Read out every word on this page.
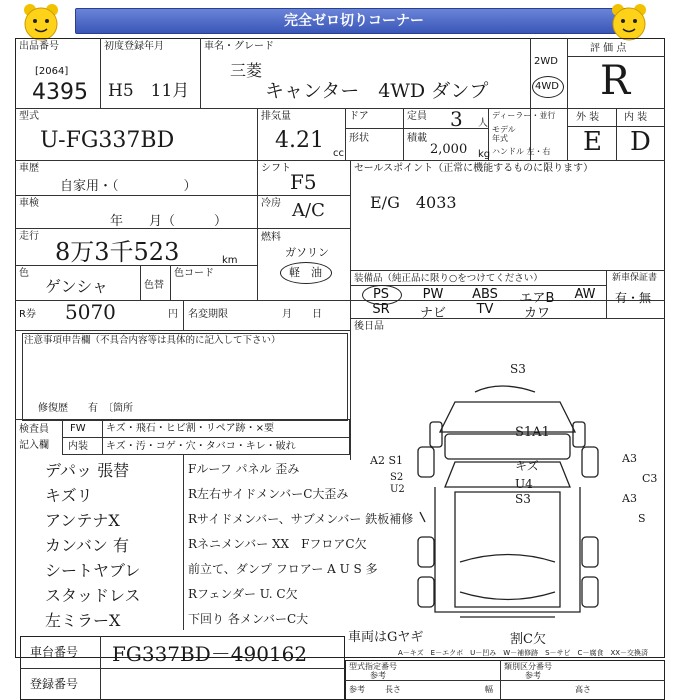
完全ゼロ切りコーナー
出品番号
[2064]
4395
初度登録年月
H5　11月
車名・グレード
三菱
キャンター　4WD ダンプ
2WD
4WD
評 価 点
R
外 装 内 装
E D
型式
U-FG337BD
排気量
4.21
cc
ドア	定員 3 人
形状	積載
2,000 kg
ディーラー・並行
モデル
年式
ハンドル 左・右
車歴
自家用・（　　　　　）
シフト
F5
車検
年　　月（　　　）
冷房 A/C
走行
8万3千523	km
燃料
ガソリン
軽　油
色
ゲンシャ	色替
色コード
セールスポイント（正常に機能するものに限ります）
E/G　4033
装備品（純正品に限り○をつけてください）	新車保証書
有・無
PS	PW	ABS	エアB	AW
SR	ナビ	TV	カワ
R券 5070	円 名変期限	月　　日
後日品
注意事項申告欄（不具合内容等は具体的に記入して下さい）
修復歴　　有　〔箇所
検査員
記入欄
FW キズ・飛石・ヒビ割・リペア跡・×要
内装 キズ・汚・コゲ・穴・タバコ・キレ・破れ
デパッ 張替
キズリ
アンテナX
カンバン 有
シートヤブレ
スタッドレス
左ミラーX
Fルーフ パネル 歪み
R左右サイドメンバーC大歪み
Rサイドメンバー、サブメンバー 鉄板補修
Rネニメンバー XX　FフロアC欠
前立て、ダンプ フロアー A U S 多
Rフェンダー U. C欠
下回り 各メンバーC大
S3
S1A1
キズ
U4
S3
A2 S1
U2
S2
A3
C3
A3
S
車両はGヤギ	割C欠
A－キズ　E－エクボ　U－凹み　W－補修跡　S－サビ　C－腐食　XX－交換済
車台番号 FG337BD－490162
登録番号
型式指定番号
参考
類別区分番号
参考
参考	長さ	幅	高さ
